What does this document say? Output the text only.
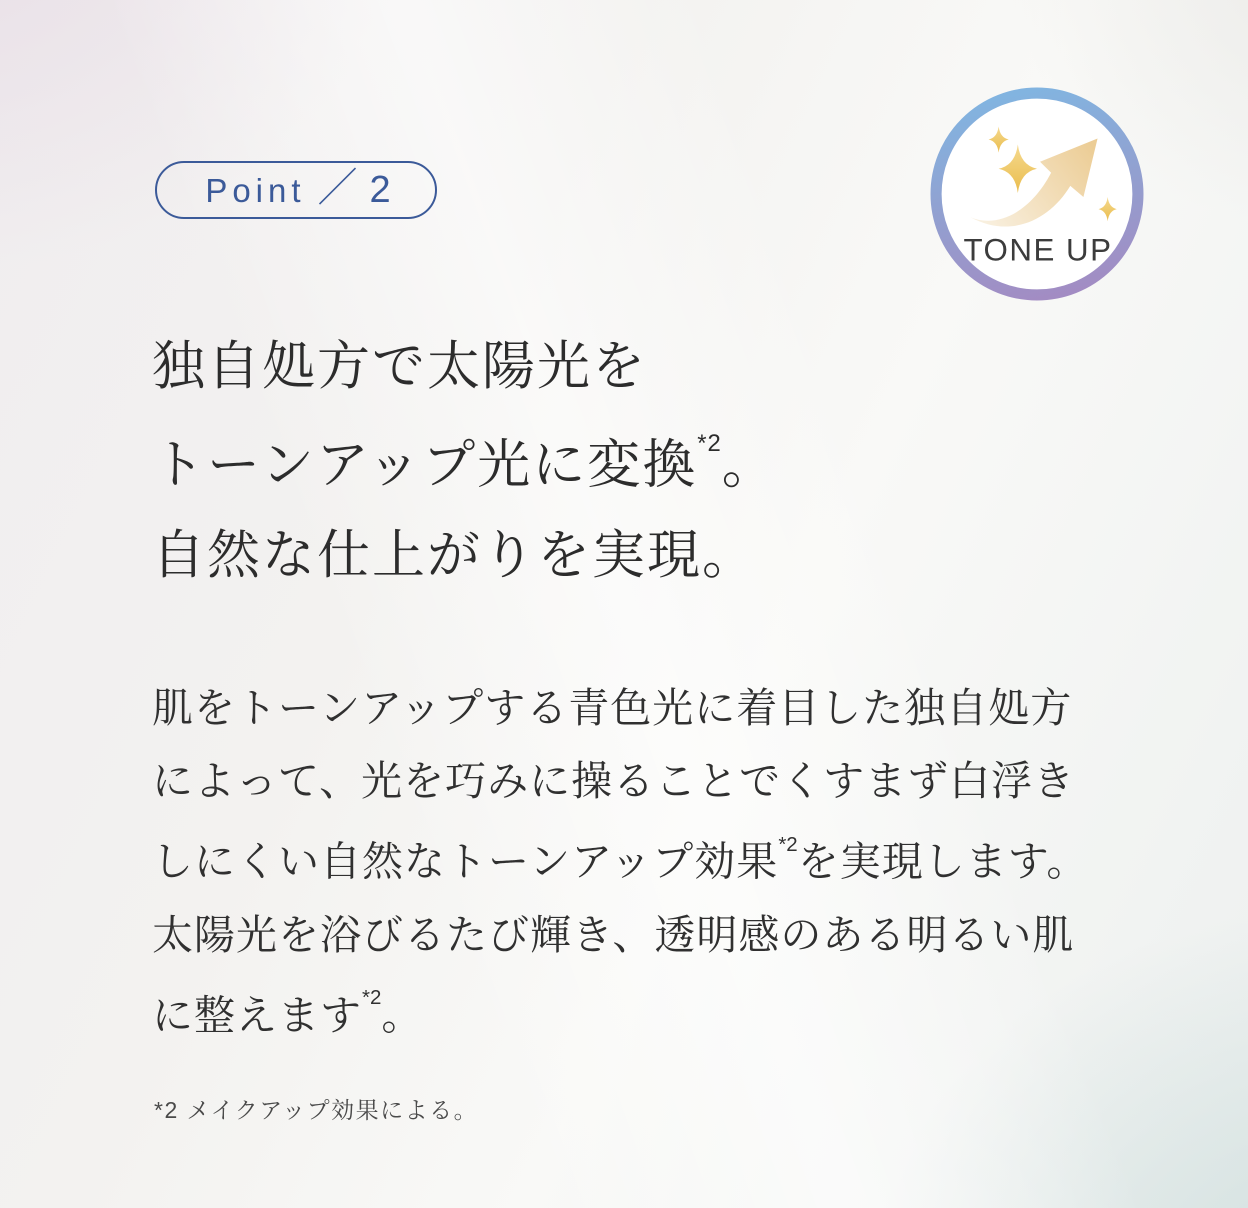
Point ／ 2
TONE UP
独自処方で太陽光を
トーンアップ光に変換$^{*2}$。
自然な仕上がりを実現。
肌をトーンアップする青色光に着目した独自処方
によって、光を巧みに操ることでくすまず白浮き
しにくい自然なトーンアップ効果$^{*2}$を実現します。
太陽光を浴びるたび輝き、透明感のある明るい肌
に整えます$^{*2}$。
*2 メイクアップ効果による。
